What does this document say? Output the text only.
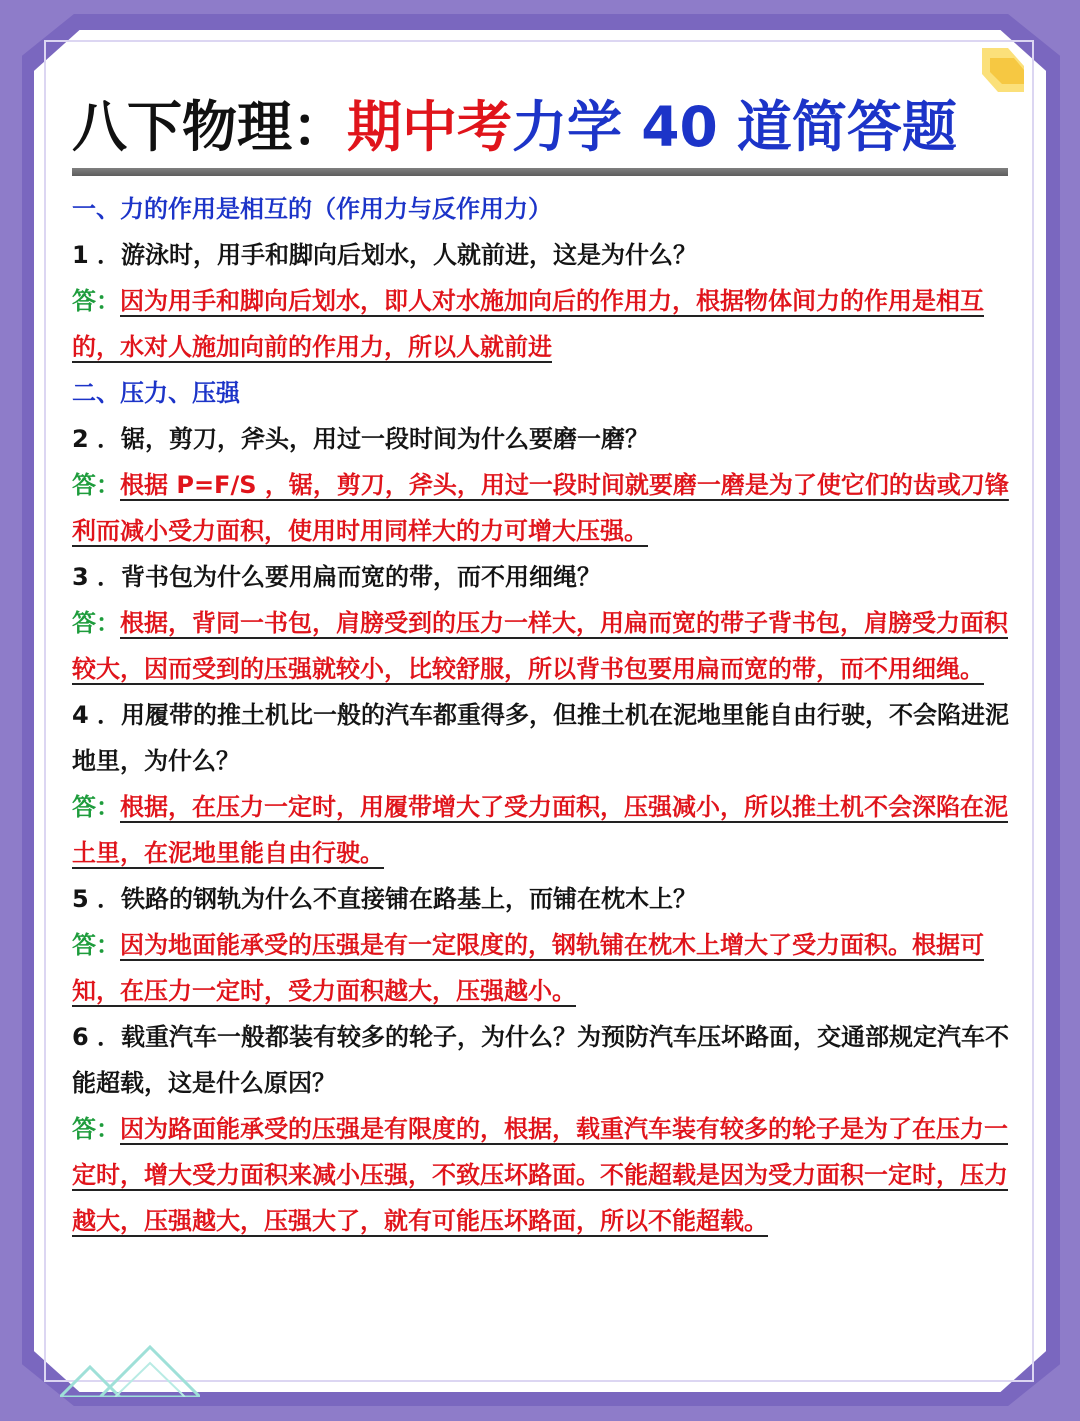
八下物理：期中考力学 40 道简答题

一、力的作用是相互的（作用力与反作用力）

1 ．游泳时，用手和脚向后划水，人就前进，这是为什么？

答：因为用手和脚向后划水，即人对水施加向后的作用力，根据物体间力的作用是相互的，水对人施加向前的作用力，所以人就前进

二、压力、压强

2 ．锯，剪刀，斧头，用过一段时间为什么要磨一磨？

答：根据 P=F/S ，锯，剪刀，斧头，用过一段时间就要磨一磨是为了使它们的齿或刀锋利而减小受力面积，使用时用同样大的力可增大压强。

3 ．背书包为什么要用扁而宽的带，而不用细绳？

答：根据，背同一书包，肩膀受到的压力一样大，用扁而宽的带子背书包，肩膀受力面积较大，因而受到的压强就较小，比较舒服，所以背书包要用扁而宽的带，而不用细绳。

4 ．用履带的推土机比一般的汽车都重得多，但推土机在泥地里能自由行驶，不会陷进泥地里，为什么？

答：根据，在压力一定时，用履带增大了受力面积，压强减小，所以推土机不会深陷在泥土里，在泥地里能自由行驶。

5 ．铁路的钢轨为什么不直接铺在路基上，而铺在枕木上？

答：因为地面能承受的压强是有一定限度的，钢轨铺在枕木上增大了受力面积。根据可知，在压力一定时，受力面积越大，压强越小。

6 ．载重汽车一般都装有较多的轮子，为什么？为预防汽车压坏路面，交通部规定汽车不能超载，这是什么原因？

答：因为路面能承受的压强是有限度的，根据，载重汽车装有较多的轮子是为了在压力一定时，增大受力面积来减小压强，不致压坏路面。不能超载是因为受力面积一定时，压力越大，压强越大，压强大了，就有可能压坏路面，所以不能超载。
